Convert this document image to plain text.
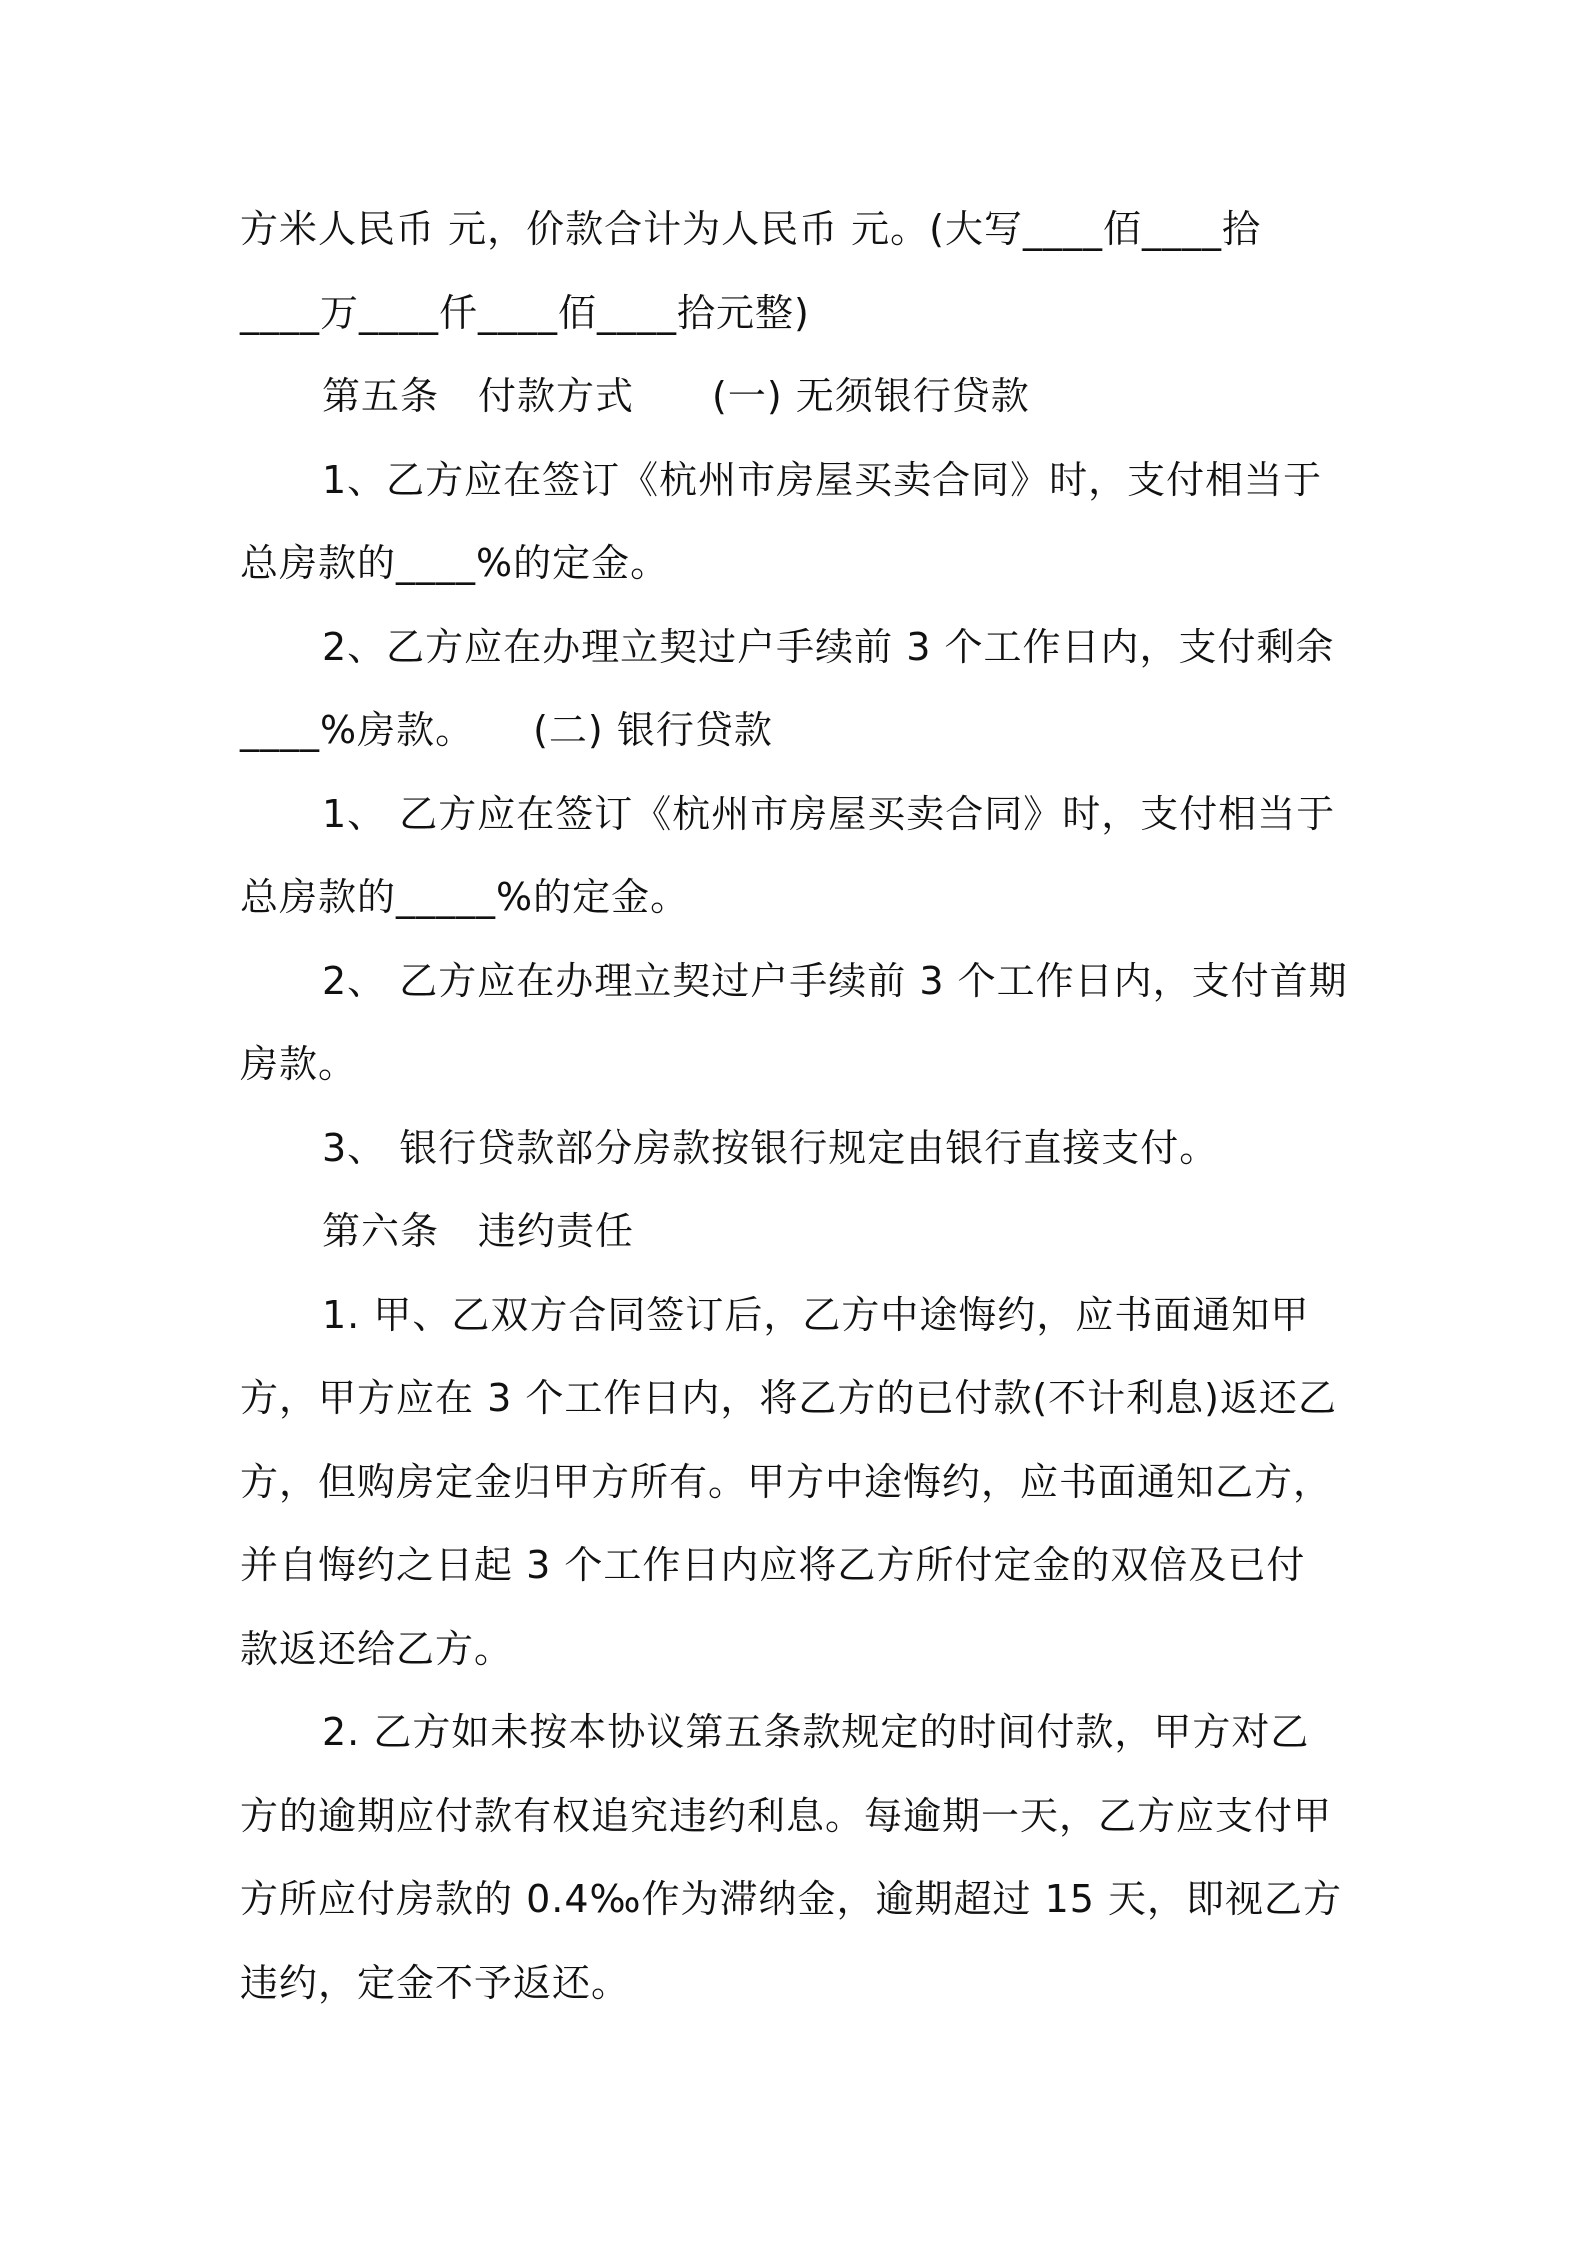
方米人民币 元，价款合计为人民币 元。(大写____佰____拾
____万____仟____佰____拾元整)
第五条　付款方式　　(一) 无须银行贷款
1、乙方应在签订《杭州市房屋买卖合同》时，支付相当于
总房款的____%的定金。
2、乙方应在办理立契过户手续前 3 个工作日内，支付剩余
____%房款。　　(二) 银行贷款
1、 乙方应在签订《杭州市房屋买卖合同》时，支付相当于
总房款的_____%的定金。
2、 乙方应在办理立契过户手续前 3 个工作日内，支付首期
房款。
3、 银行贷款部分房款按银行规定由银行直接支付。
第六条　违约责任
1. 甲、乙双方合同签订后，乙方中途悔约，应书面通知甲
方，甲方应在 3 个工作日内，将乙方的已付款(不计利息)返还乙
方，但购房定金归甲方所有。甲方中途悔约，应书面通知乙方，
并自悔约之日起 3 个工作日内应将乙方所付定金的双倍及已付
款返还给乙方。
2. 乙方如未按本协议第五条款规定的时间付款，甲方对乙
方的逾期应付款有权追究违约利息。每逾期一天，乙方应支付甲
方所应付房款的 0.4‰作为滞纳金，逾期超过 15 天，即视乙方
违约，定金不予返还。
